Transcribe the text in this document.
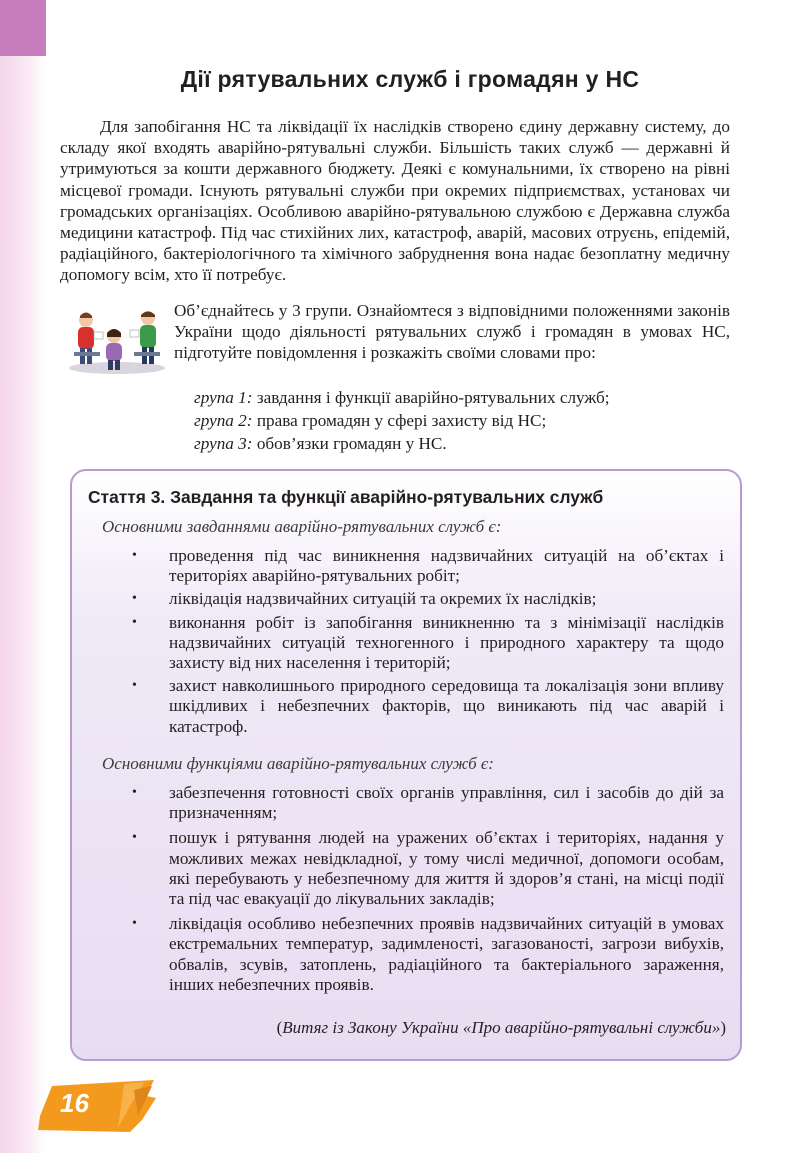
Дії рятувальних служб і громадян у НС

Для запобігання НС та ліквідації їх наслідків створено єдину державну систему, до складу якої входять аварійно-рятувальні служби. Більшість таких служб — державні й утримуються за кошти державного бюджету. Деякі є комунальними, їх створено на рівні місцевої громади. Існують рятувальні служби при окремих підприємствах, установах чи громадських організаціях. Особливою аварійно-рятувальною службою є Державна служба медицини катастроф. Під час стихійних лих, катастроф, аварій, масових отруєнь, епідемій, радіаційного, бактеріологічного та хімічного забруднення вона надає безоплатну медичну допомогу всім, хто її потребує.

Об’єднайтесь у 3 групи. Ознайомтеся з відповідними положеннями законів України щодо діяльності рятувальних служб і громадян в умовах НС, підготуйте повідомлення і розкажіть своїми словами про:

група 1: завдання і функції аварійно-рятувальних служб;
група 2: права громадян у сфері захисту від НС;
група 3: обов’язки громадян у НС.
Стаття 3. Завдання та функції аварійно-рятувальних служб
Основними завданнями аварійно-рятувальних служб є:
• проведення під час виникнення надзвичайних ситуацій на об’єктах і територіях аварійно-рятувальних робіт;
• ліквідація надзвичайних ситуацій та окремих їх наслідків;
• виконання робіт із запобігання виникненню та з мінімізації наслідків надзвичайних ситуацій техногенного і природного характеру та щодо захисту від них населення і територій;
• захист навколишнього природного середовища та локалізація зони впливу шкідливих і небезпечних факторів, що виникають під час аварій і катастроф.
Основними функціями аварійно-рятувальних служб є:
• забезпечення готовності своїх органів управління, сил і засобів до дій за призначенням;
• пошук і рятування людей на уражених об’єктах і територіях, надання у можливих межах невідкладної, у тому числі медичної, допомоги особам, які перебувають у небезпечному для життя й здоров’я стані, на місці події та під час евакуації до лікувальних закладів;
• ліквідація особливо небезпечних проявів надзвичайних ситуацій в умовах екстремальних температур, задимленості, загазованості, загрози вибухів, обвалів, зсувів, затоплень, радіаційного та бактеріального зараження, інших небезпечних проявів.
(Витяг із Закону України «Про аварійно-рятувальні служби»)
16
